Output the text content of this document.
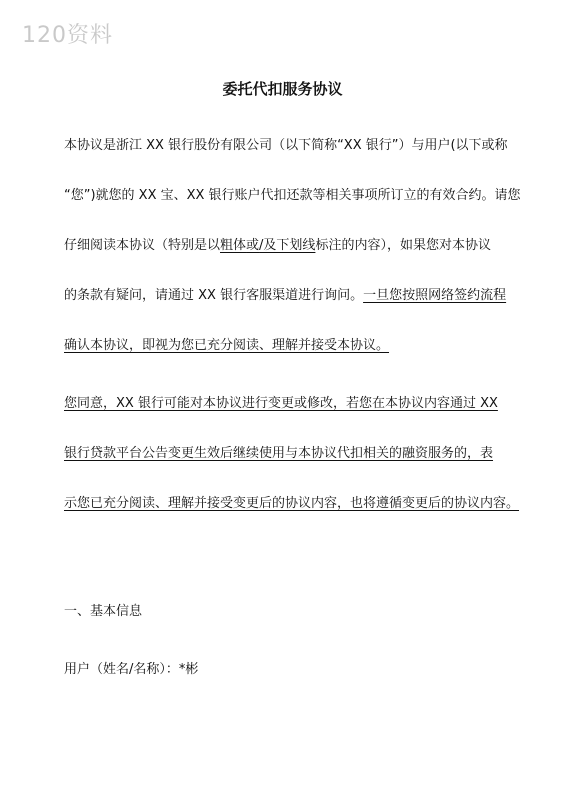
120资料
委托代扣服务协议
本协议是浙江 XX 银行股份有限公司（以下简称“XX 银行”）与用户(以下或称
“您”)就您的 XX 宝、XX 银行账户代扣还款等相关事项所订立的有效合约。请您
仔细阅读本协议（特别是以粗体或/及下划线标注的内容），如果您对本协议
的条款有疑问，请通过 XX 银行客服渠道进行询问。一旦您按照网络签约流程
确认本协议，即视为您已充分阅读、理解并接受本协议。
您同意，XX 银行可能对本协议进行变更或修改，若您在本协议内容通过 XX
银行贷款平台公告变更生效后继续使用与本协议代扣相关的融资服务的，表
示您已充分阅读、理解并接受变更后的协议内容，也将遵循变更后的协议内容。
一、基本信息
用户（姓名/名称）：*彬
